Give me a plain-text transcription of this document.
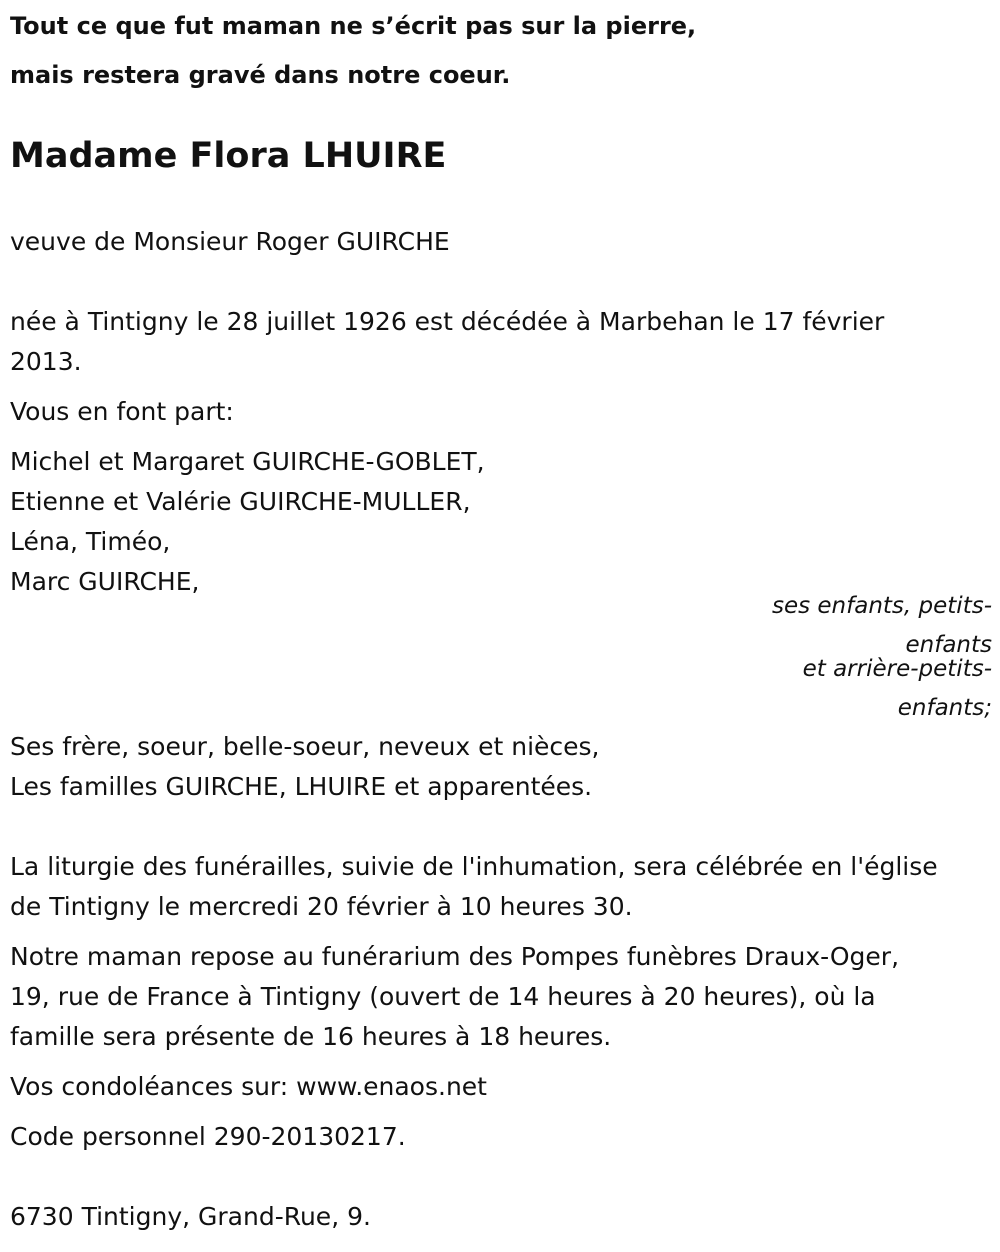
Tout ce que fut maman ne s’écrit pas sur la pierre,
mais restera gravé dans notre coeur.
Madame Flora LHUIRE
veuve de Monsieur Roger GUIRCHE
née à Tintigny le 28 juillet 1926 est décédée à Marbehan le 17 février
2013.
Vous en font part:
Michel et Margaret GUIRCHE-GOBLET,
Etienne et Valérie GUIRCHE-MULLER,
Léna, Timéo,
Marc GUIRCHE,
ses enfants, petits-
enfants
et arrière-petits-
enfants;
Ses frère, soeur, belle-soeur, neveux et nièces,
Les familles GUIRCHE, LHUIRE et apparentées.
La liturgie des funérailles, suivie de l'inhumation, sera célébrée en l'église
de Tintigny le mercredi 20 février à 10 heures 30.
Notre maman repose au funérarium des Pompes funèbres Draux-Oger,
19, rue de France à Tintigny (ouvert de 14 heures à 20 heures), où la
famille sera présente de 16 heures à 18 heures.
Vos condoléances sur: www.enaos.net
Code personnel 290-20130217.
6730 Tintigny, Grand-Rue, 9.
